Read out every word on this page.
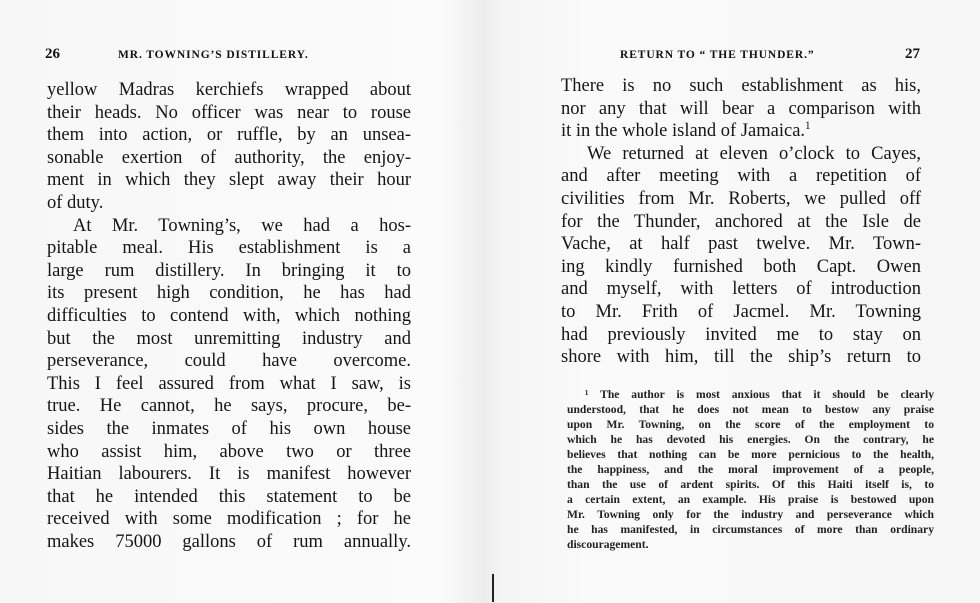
26	MR. TOWNING’S DISTILLERY.
yellow Madras kerchiefs wrapped about
their heads. No officer was near to rouse
them into action, or ruffle, by an unsea-
sonable exertion of authority, the enjoy-
ment in which they slept away their hour
of duty.
At Mr. Towning’s, we had a hos-
pitable meal. His establishment is a
large rum distillery. In bringing it to
its present high condition, he has had
difficulties to contend with, which nothing
but the most unremitting industry and
perseverance, could have overcome.
This I feel assured from what I saw, is
true. He cannot, he says, procure, be-
sides the inmates of his own house
who assist him, above two or three
Haitian labourers. It is manifest however
that he intended this statement to be
received with some modification ; for he
makes 75000 gallons of rum annually.
RETURN TO “ THE THUNDER.”	27
There is no such establishment as his,
nor any that will bear a comparison with
it in the whole island of Jamaica.$^1$
We returned at eleven o’clock to Cayes,
and after meeting with a repetition of
civilities from Mr. Roberts, we pulled off
for the Thunder, anchored at the Isle de
Vache, at half past twelve. Mr. Town-
ing kindly furnished both Capt. Owen
and myself, with letters of introduction
to Mr. Frith of Jacmel. Mr. Towning
had previously invited me to stay on
shore with him, till the ship’s return to
¹ The author is most anxious that it should be clearly
understood, that he does not mean to bestow any praise
upon Mr. Towning, on the score of the employment to
which he has devoted his energies. On the contrary, he
believes that nothing can be more pernicious to the health,
the happiness, and the moral improvement of a people,
than the use of ardent spirits. Of this Haiti itself is, to
a certain extent, an example. His praise is bestowed upon
Mr. Towning only for the industry and perseverance which
he has manifested, in circumstances of more than ordinary
discouragement.
